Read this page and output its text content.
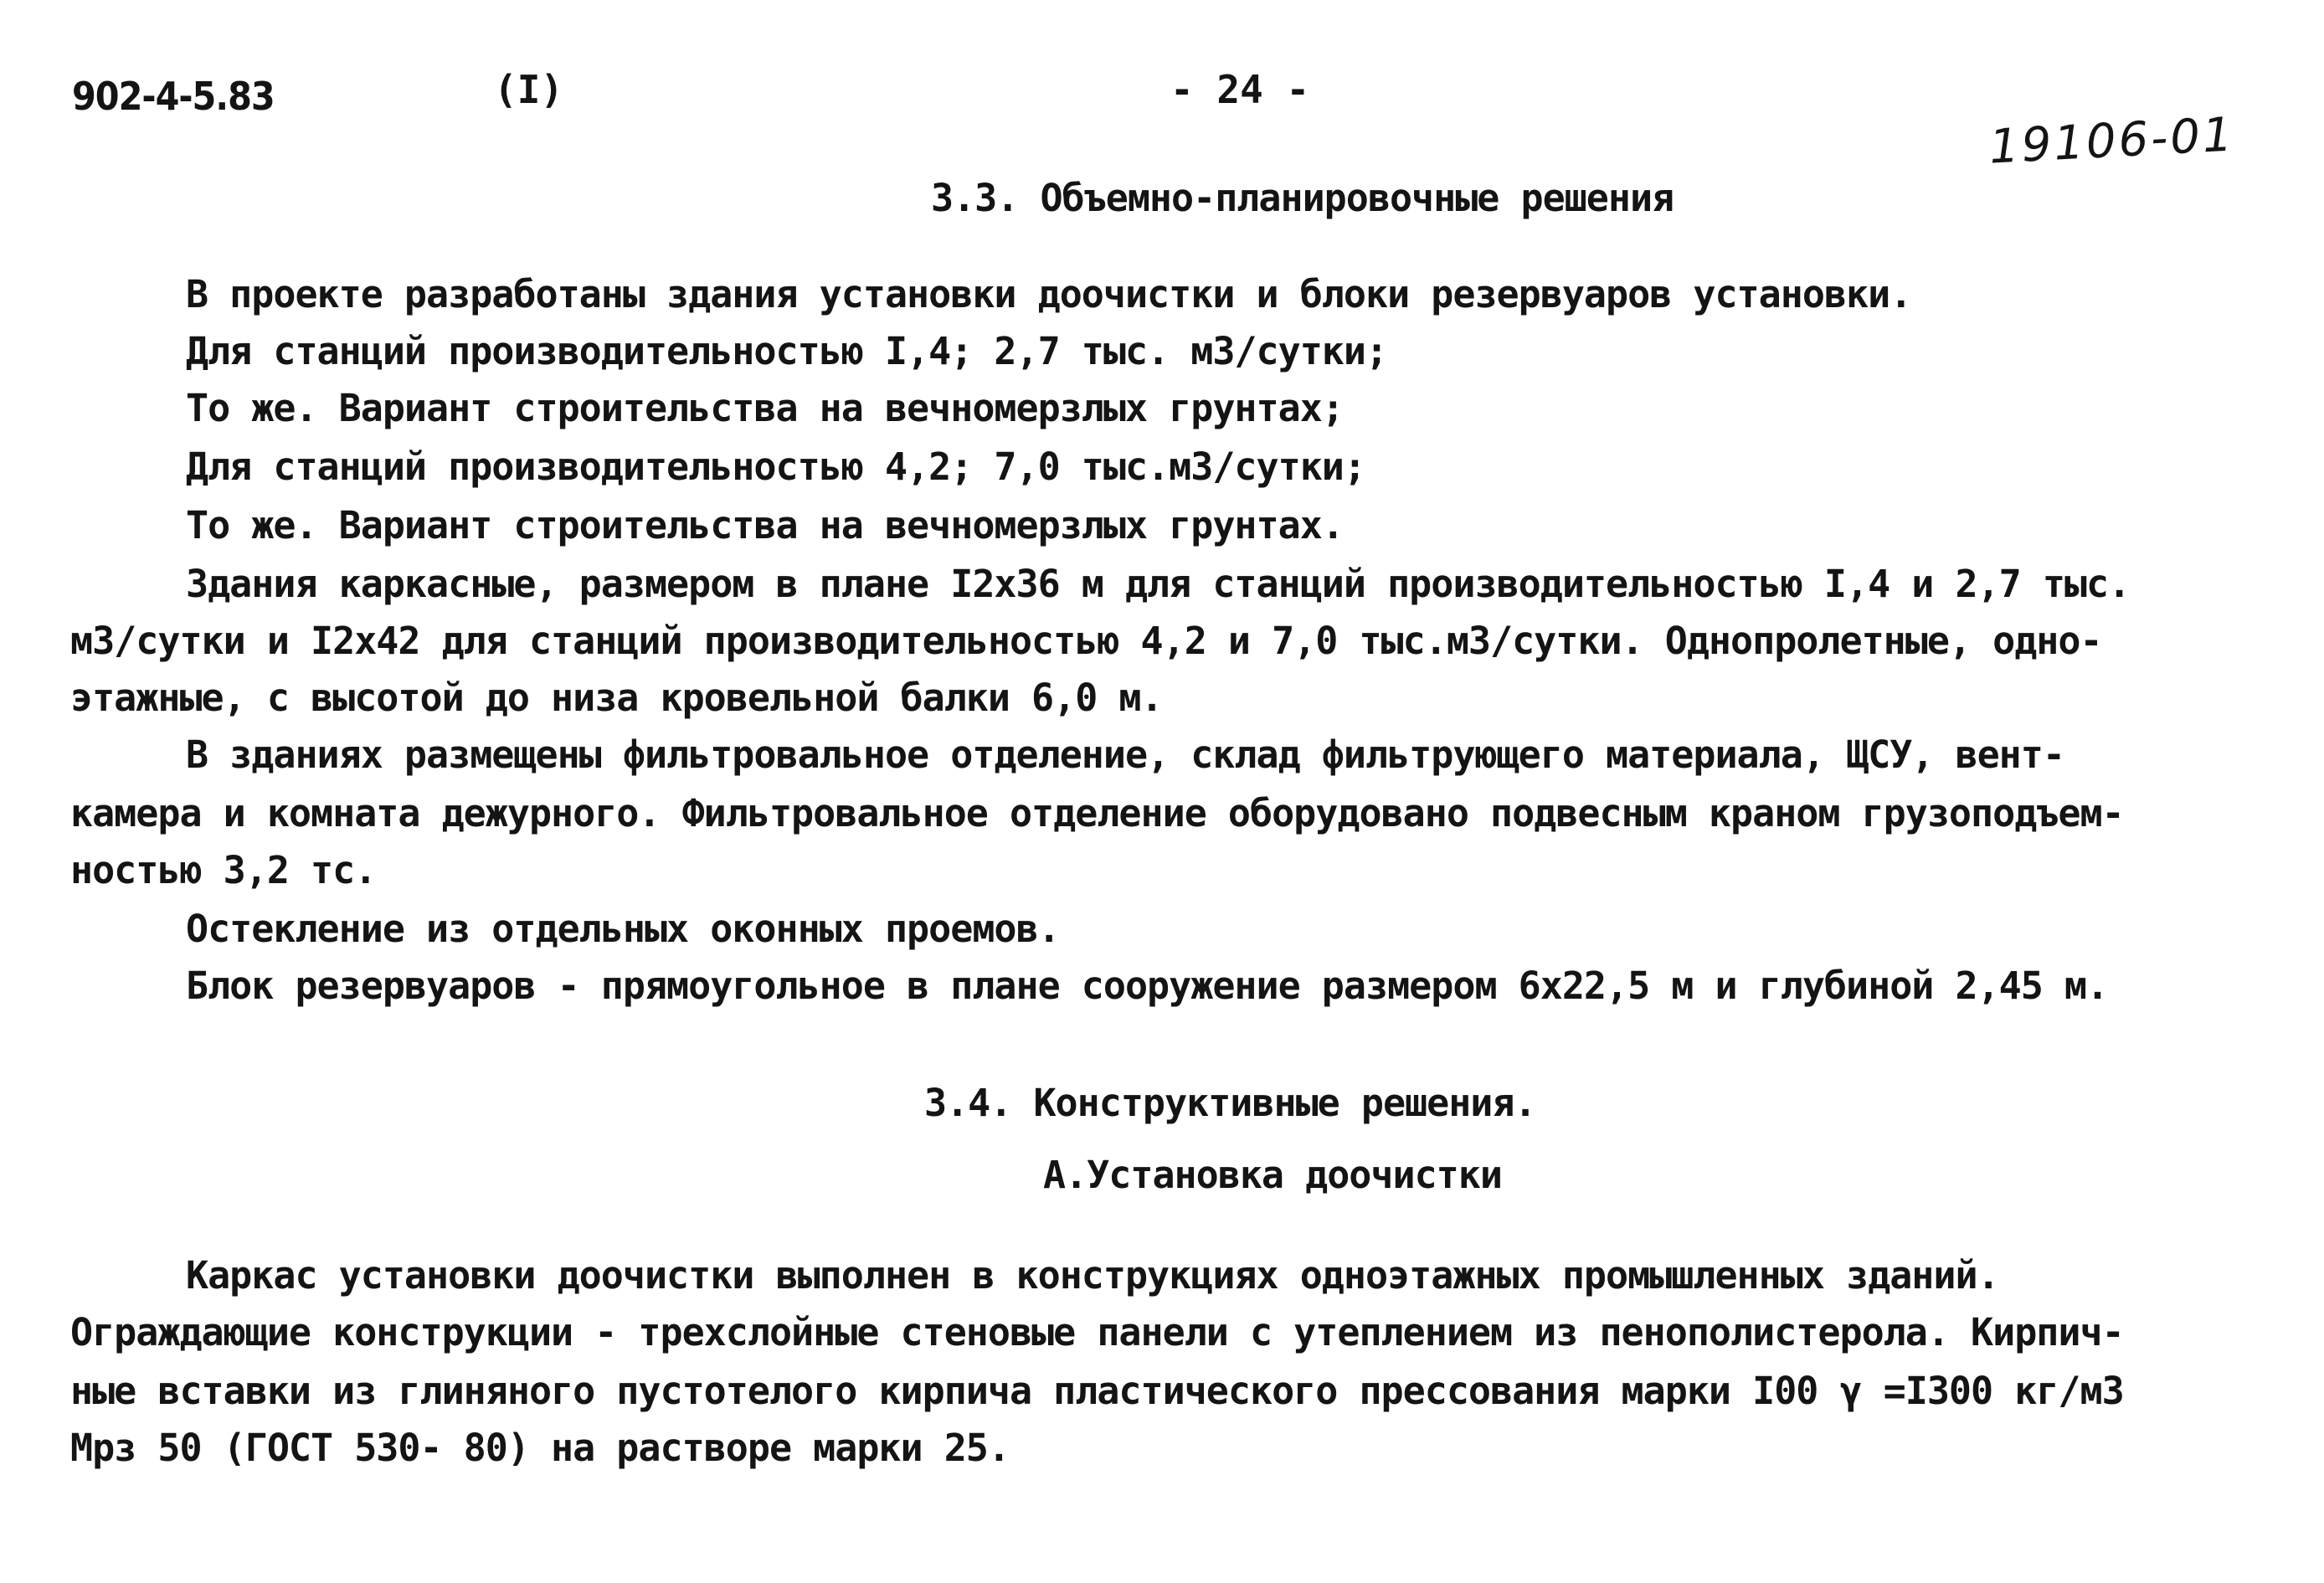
902-4-5.83	(I)	- 24 -
19106-01
3.3. Объемно-планировочные решения
В проекте разработаны здания установки доочистки и блоки резервуаров установки.
Для станций производительностью I,4; 2,7 тыс. м3/сутки;
То же. Вариант строительства на вечномерзлых грунтах;
Для станций производительностью 4,2; 7,0 тыс.м3/сутки;
То же. Вариант строительства на вечномерзлых грунтах.
Здания каркасные, размером в плане I2x36 м для станций производительностью I,4 и 2,7 тыс.
м3/сутки и I2x42 для станций производительностью 4,2 и 7,0 тыс.м3/сутки. Однопролетные, одно-
этажные, с высотой до низа кровельной балки 6,0 м.
В зданиях размещены фильтровальное отделение, склад фильтрующего материала, ЩСУ, вент-
камера и комната дежурного. Фильтровальное отделение оборудовано подвесным краном грузоподъем-
ностью 3,2 тс.
Остекление из отдельных оконных проемов.
Блок резервуаров - прямоугольное в плане сооружение размером 6x22,5 м и глубиной 2,45 м.
3.4. Конструктивные решения.
А.Установка доочистки
Каркас установки доочистки выполнен в конструкциях одноэтажных промышленных зданий.
Ограждающие конструкции - трехслойные стеновые панели с утеплением из пенополистерола. Кирпич-
ные вставки из глиняного пустотелого кирпича пластического прессования марки I00 γ =I300 кг/м3
Мрз 50 (ГОСТ 530- 80) на растворе марки 25.
